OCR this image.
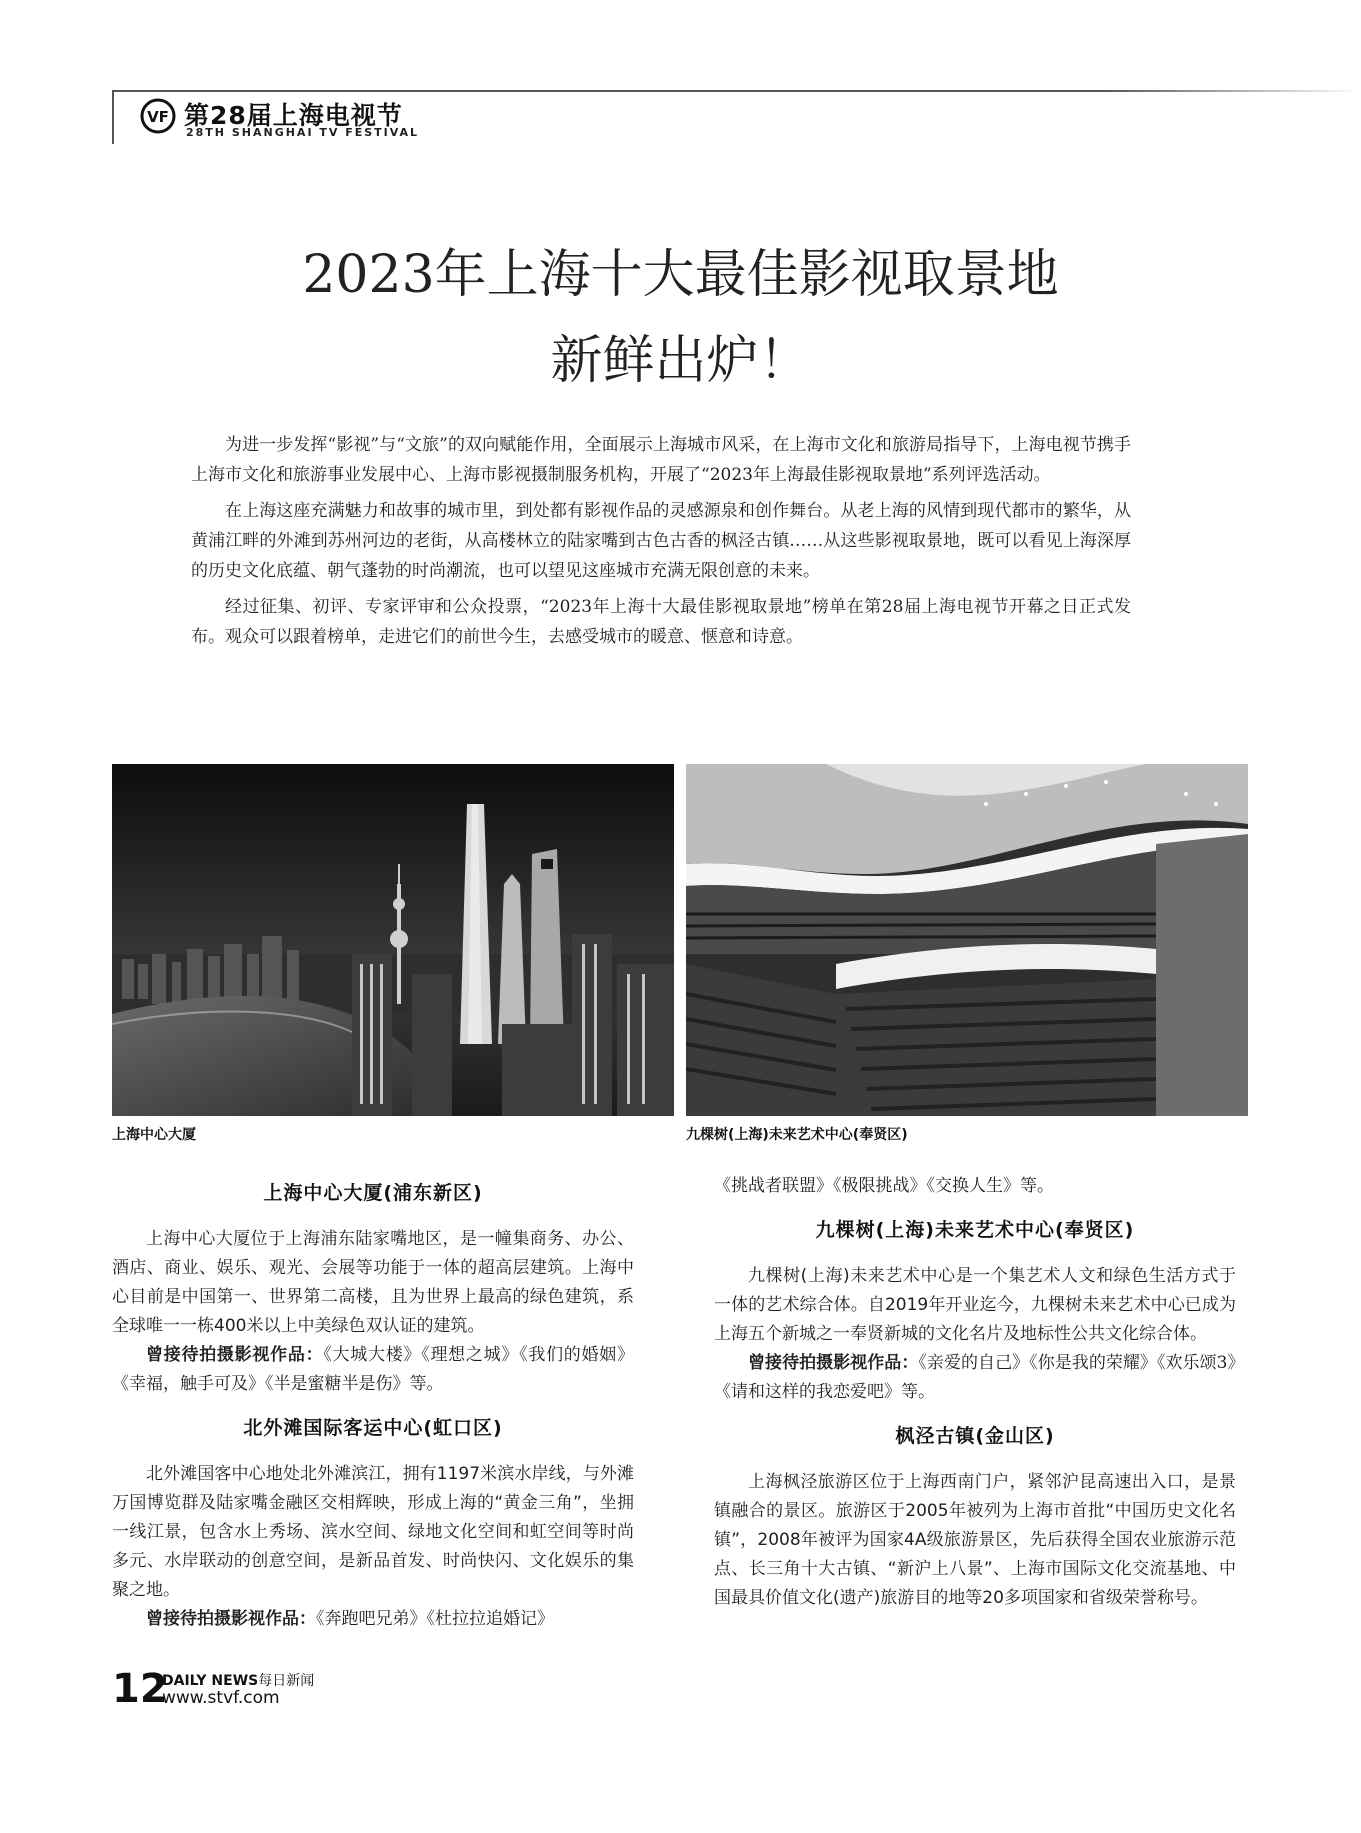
VF 第28届上海电视节
28TH SHANGHAI TV FESTIVAL
2023年上海十大最佳影视取景地
新鲜出炉！

为进一步发挥“影视”与“文旅”的双向赋能作用，全面展示上海城市风采，在上海市文化和旅游局指导下，上海电视节携手上海市文化和旅游事业发展中心、上海市影视摄制服务机构，开展了“2023年上海最佳影视取景地”系列评选活动。

在上海这座充满魅力和故事的城市里，到处都有影视作品的灵感源泉和创作舞台。从老上海的风情到现代都市的繁华，从黄浦江畔的外滩到苏州河边的老街，从高楼林立的陆家嘴到古色古香的枫泾古镇……从这些影视取景地，既可以看见上海深厚的历史文化底蕴、朝气蓬勃的时尚潮流，也可以望见这座城市充满无限创意的未来。

经过征集、初评、专家评审和公众投票，“2023年上海十大最佳影视取景地”榜单在第28届上海电视节开幕之日正式发布。观众可以跟着榜单，走进它们的前世今生，去感受城市的暖意、惬意和诗意。

上海中心大厦	九棵树(上海)未来艺术中心(奉贤区)
上海中心大厦(浦东新区)

上海中心大厦位于上海浦东陆家嘴地区，是一幢集商务、办公、酒店、商业、娱乐、观光、会展等功能于一体的超高层建筑。上海中心目前是中国第一、世界第二高楼，且为世界上最高的绿色建筑，系全球唯一一栋400米以上中美绿色双认证的建筑。

曾接待拍摄影视作品：《大城大楼》《理想之城》《我们的婚姻》《幸福，触手可及》《半是蜜糖半是伤》等。

北外滩国际客运中心(虹口区)

北外滩国客中心地处北外滩滨江，拥有1197米滨水岸线，与外滩万国博览群及陆家嘴金融区交相辉映，形成上海的“黄金三角”，坐拥一线江景，包含水上秀场、滨水空间、绿地文化空间和虹空间等时尚多元、水岸联动的创意空间，是新品首发、时尚快闪、文化娱乐的集聚之地。

曾接待拍摄影视作品：《奔跑吧兄弟》《杜拉拉追婚记》

《挑战者联盟》《极限挑战》《交换人生》等。

九棵树(上海)未来艺术中心(奉贤区)

九棵树(上海)未来艺术中心是一个集艺术人文和绿色生活方式于一体的艺术综合体。自2019年开业迄今，九棵树未来艺术中心已成为上海五个新城之一奉贤新城的文化名片及地标性公共文化综合体。

曾接待拍摄影视作品：《亲爱的自己》《你是我的荣耀》《欢乐颂3》《请和这样的我恋爱吧》等。

枫泾古镇(金山区)

上海枫泾旅游区位于上海西南门户，紧邻沪昆高速出入口，是景镇融合的景区。旅游区于2005年被列为上海市首批“中国历史文化名镇”，2008年被评为国家4A级旅游景区，先后获得全国农业旅游示范点、长三角十大古镇、“新沪上八景”、上海市国际文化交流基地、中国最具价值文化(遗产)旅游目的地等20多项国家和省级荣誉称号。

12
DAILY NEWS每日新闻
www.stvf.com
